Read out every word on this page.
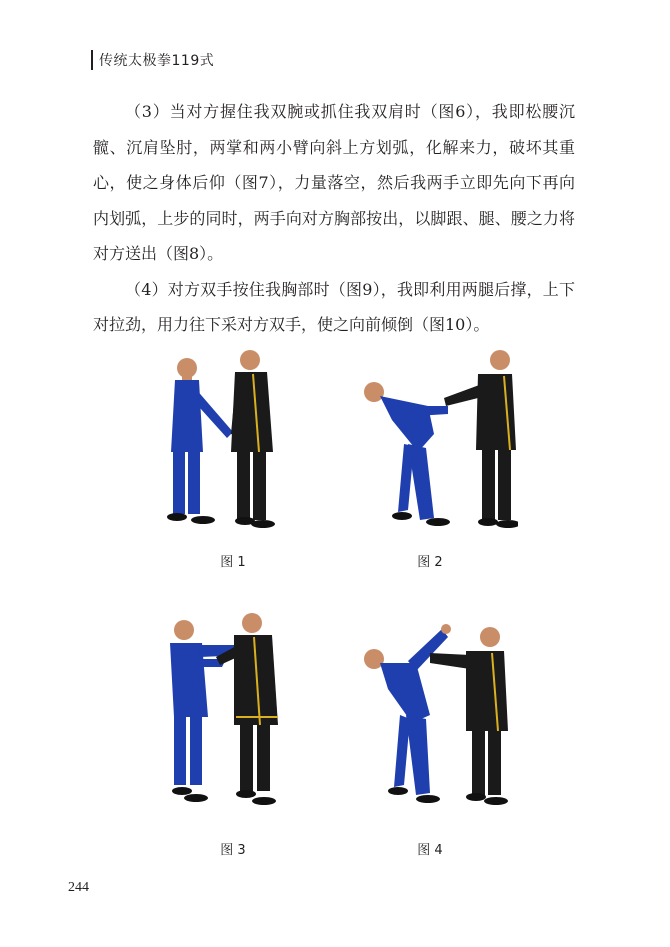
传统太极拳119式

（3）当对方握住我双腕或抓住我双肩时（图6），我即松腰沉髋、沉肩坠肘，两掌和两小臂向斜上方划弧，化解来力，破坏其重心，使之身体后仰（图7），力量落空，然后我两手立即先向下再向内划弧，上步的同时，两手向对方胸部按出，以脚跟、腿、腰之力将对方送出（图8）。

（4）对方双手按住我胸部时（图9），我即利用两腿后撑，上下对拉劲，用力往下采对方双手，使之向前倾倒（图10）。

图 1	图 2
图 3	图 4
244
